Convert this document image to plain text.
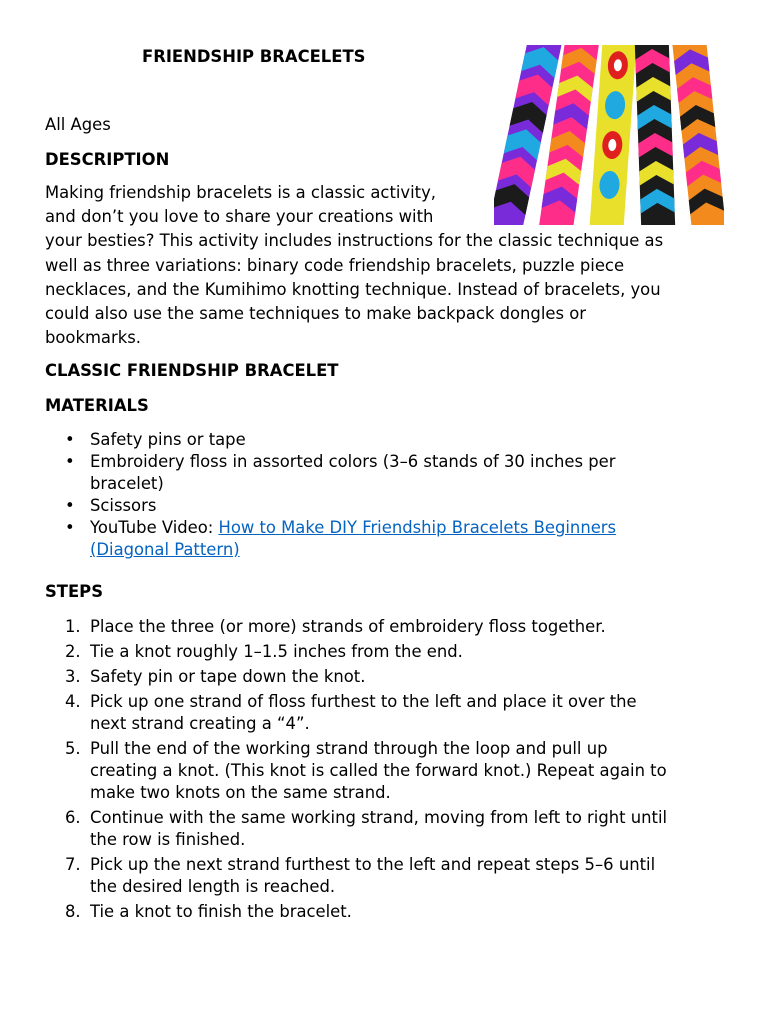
FRIENDSHIP BRACELETS
All Ages
DESCRIPTION

Making friendship bracelets is a classic activity,

and don’t you love to share your creations with

your besties? This activity includes instructions for the classic technique as

well as three variations: binary code friendship bracelets, puzzle piece

necklaces, and the Kumihimo knotting technique. Instead of bracelets, you

could also use the same techniques to make backpack dongles or

bookmarks.

CLASSIC FRIENDSHIP BRACELET
MATERIALS
• Safety pins or tape
• Embroidery floss in assorted colors (3–6 stands of 30 inches per
bracelet)
• Scissors
• YouTube Video: How to Make DIY Friendship Bracelets Beginners
(Diagonal Pattern)
STEPS
1. Place the three (or more) strands of embroidery floss together.
2. Tie a knot roughly 1–1.5 inches from the end.
3. Safety pin or tape down the knot.
4. Pick up one strand of floss furthest to the left and place it over the
next strand creating a “4”.
5. Pull the end of the working strand through the loop and pull up
creating a knot. (This knot is called the forward knot.) Repeat again to
make two knots on the same strand.
6. Continue with the same working strand, moving from left to right until
the row is finished.
7. Pick up the next strand furthest to the left and repeat steps 5–6 until
the desired length is reached.
8. Tie a knot to finish the bracelet.
